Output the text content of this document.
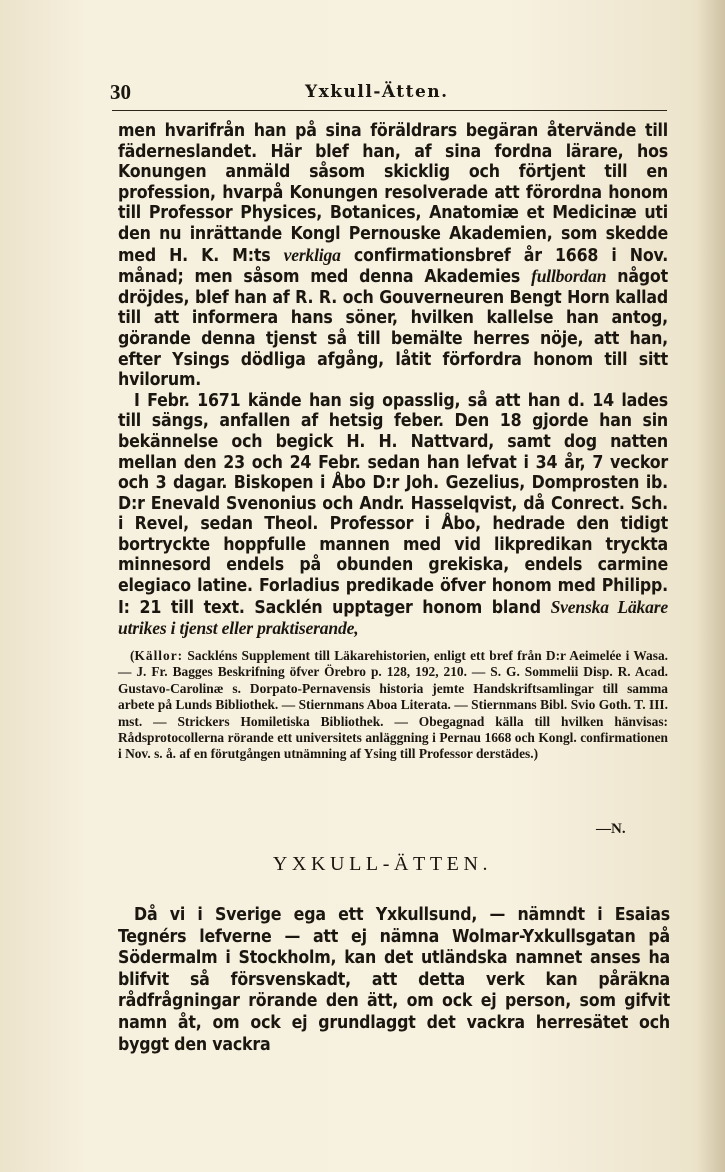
30	Yxkull-Ätten.

men hvarifrån han på sina föräldrars begäran återvände till fäderneslandet. Här blef han, af sina fordna lärare, hos Konungen anmäld såsom skicklig och förtjent till en profession, hvarpå Konungen resolverade att förordna honom till Professor Physices, Botanices, Anatomiæ et Medicinæ uti den nu inrättande Kongl Pernouske Akademien, som skedde med H. K. M:ts verkliga confirmationsbref år 1668 i Nov. månad; men såsom med denna Akademies fullbordan något dröjdes, blef han af R. R. och Gouverneuren Bengt Horn kallad till att informera hans söner, hvilken kallelse han antog, görande denna tjenst så till bemälte herres nöje, att han, efter Ysings dödliga afgång, låtit förfordra honom till sitt hvilorum.

I Febr. 1671 kände han sig opasslig, så att han d. 14 lades till sängs, anfallen af hetsig feber. Den 18 gjorde han sin bekännelse och begick H. H. Nattvard, samt dog natten mellan den 23 och 24 Febr. sedan han lefvat i 34 år, 7 veckor och 3 dagar. Biskopen i Åbo D:r Joh. Gezelius, Domprosten ib. D:r Enevald Svenonius och Andr. Hasselqvist, då Conrect. Sch. i Revel, sedan Theol. Professor i Åbo, hedrade den tidigt bortryckte hoppfulle mannen med vid likpredikan tryckta minnesord endels på obunden grekiska, endels carmine elegiaco latine. Forladius predikade öfver honom med Philipp. I: 21 till text. Sacklén upptager honom bland Svenska Läkare utrikes i tjenst eller praktiserande,

(Källor: Sackléns Supplement till Läkarehistorien, enligt ett bref från D:r Aeimelée i Wasa. — J. Fr. Bagges Beskrifning öfver Örebro p. 128, 192, 210. — S. G. Sommelii Disp. R. Acad. Gustavo-Carolinæ s. Dorpato-Pernavensis historia jemte Handskriftsamlingar till samma arbete på Lunds Bibliothek. — Stiernmans Aboa Literata. — Stiernmans Bibl. Svio Goth. T. III. mst. — Strickers Homiletiska Bibliothek. — Obegagnad källa till hvilken hänvisas: Rådsprotocollerna rörande ett universitets anläggning i Pernau 1668 och Kongl. confirmationen i Nov. s. å. af en förutgången utnämning af Ysing till Professor derstädes.)
—N.
YXKULL-ÄTTEN.

Då vi i Sverige ega ett Yxkullsund, — nämndt i Esaias Tegnérs lefverne — att ej nämna Wolmar-Yxkullsgatan på Södermalm i Stockholm, kan det utländska namnet anses ha blifvit så försvenskadt, att detta verk kan påräkna rådfrågningar rörande den ätt, om ock ej person, som gifvit namn åt, om ock ej grundlaggt det vackra herresätet och byggt den vackra
